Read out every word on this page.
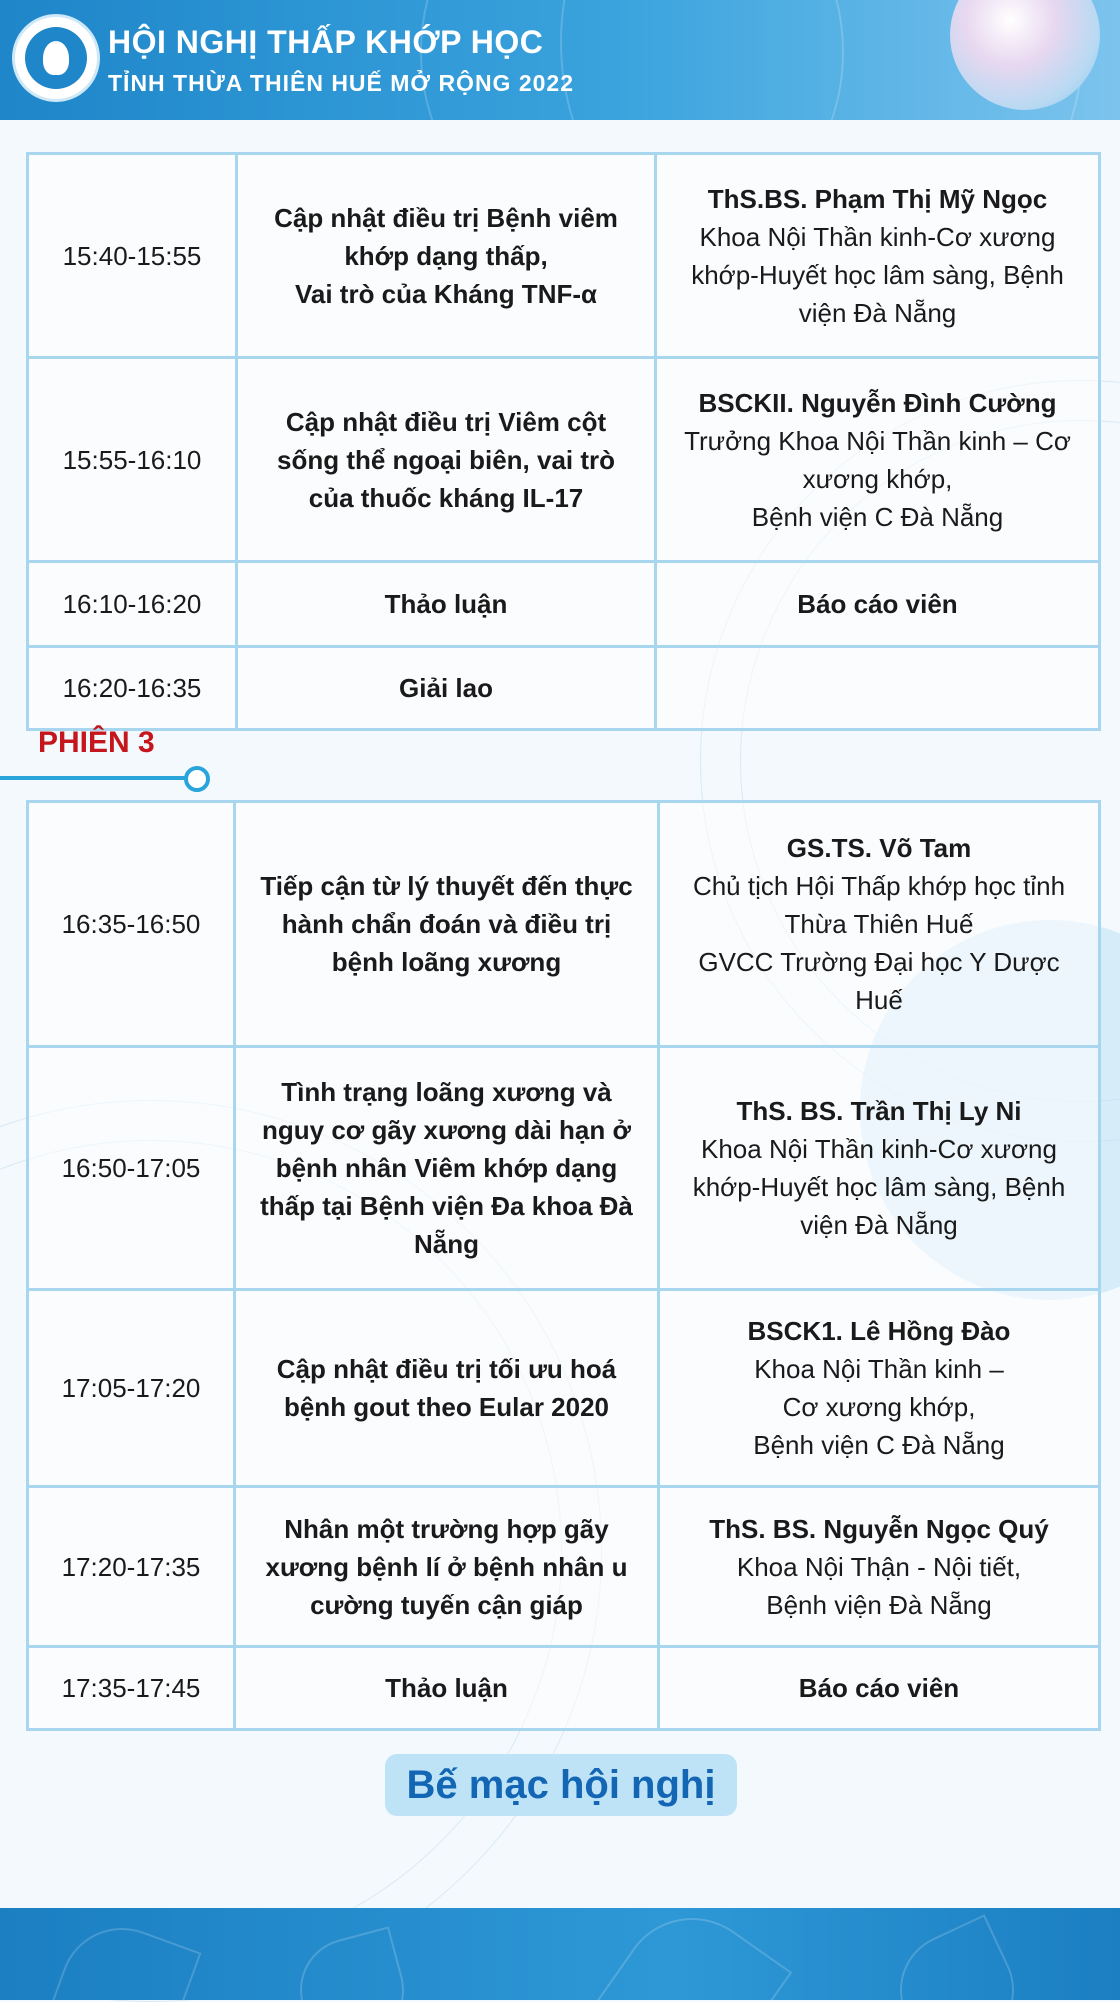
HỘI NGHỊ THẤP KHỚP HỌC
TỈNH THỪA THIÊN HUẾ MỞ RỘNG 2022
15:40-15:55	Cập nhật điều trị Bệnh viêm khớp dạng thấp,
Vai trò của Kháng TNF-α	ThS.BS. Phạm Thị Mỹ Ngọc
Khoa Nội Thần kinh-Cơ xương khớp-Huyết học lâm sàng, Bệnh viện Đà Nẵng

15:55-16:10	Cập nhật điều trị Viêm cột sống thể ngoại biên, vai trò của thuốc kháng IL-17	BSCKII. Nguyễn Đình Cường
Trưởng Khoa Nội Thần kinh – Cơ xương khớp,
Bệnh viện C Đà Nẵng

16:10-16:20	Thảo luận	Báo cáo viên
16:20-16:35	Giải lao	
PHIÊN 3
16:35-16:50	Tiếp cận từ lý thuyết đến thực hành chẩn đoán và điều trị bệnh loãng xương	GS.TS. Võ Tam
Chủ tịch Hội Thấp khớp học tỉnh Thừa Thiên Huế
GVCC Trường Đại học Y Dược Huế

16:50-17:05	Tình trạng loãng xương và nguy cơ gãy xương dài hạn ở bệnh nhân Viêm khớp dạng thấp tại Bệnh viện Đa khoa Đà Nẵng	ThS. BS. Trần Thị Ly Ni
Khoa Nội Thần kinh-Cơ xương khớp-Huyết học lâm sàng, Bệnh viện Đà Nẵng

17:05-17:20	Cập nhật điều trị tối ưu hoá bệnh gout theo Eular 2020	BSCK1. Lê Hồng Đào
Khoa Nội Thần kinh –
Cơ xương khớp,
Bệnh viện C Đà Nẵng

17:20-17:35	Nhân một trường hợp gãy xương bệnh lí ở bệnh nhân u cường tuyến cận giáp	ThS. BS. Nguyễn Ngọc Quý
Khoa Nội Thận - Nội tiết,
Bệnh viện Đà Nẵng

17:35-17:45	Thảo luận	Báo cáo viên
Bế mạc hội nghị
